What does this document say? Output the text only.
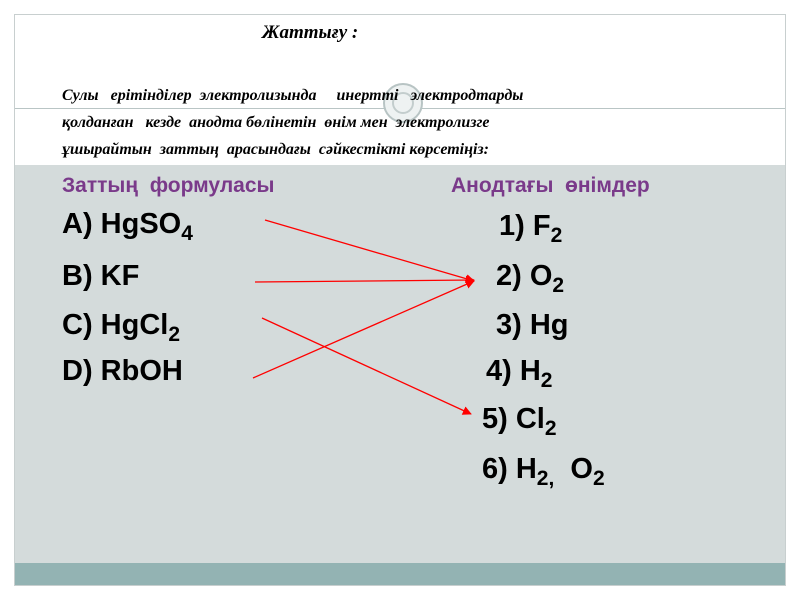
Жаттығу :
Сулы   ерітінділер  электролизында     инертті   электродтарды
қолданған   кезде  анодта бөлінетін  өнім мен  электролизге
ұшырайтын  заттың  арасындағы  сәйкестікті көрсетіңіз:
Заттың  формуласы	Анодтағы  өнімдер
A) HgSO$_4$
B) KF
C) HgCl$_2$
D) RbOH
1) $F_2$
2) $O_2$
3) Hg
4) $H_2$
5) $Cl_2$
6) $H_{2,}$  $O_2$
